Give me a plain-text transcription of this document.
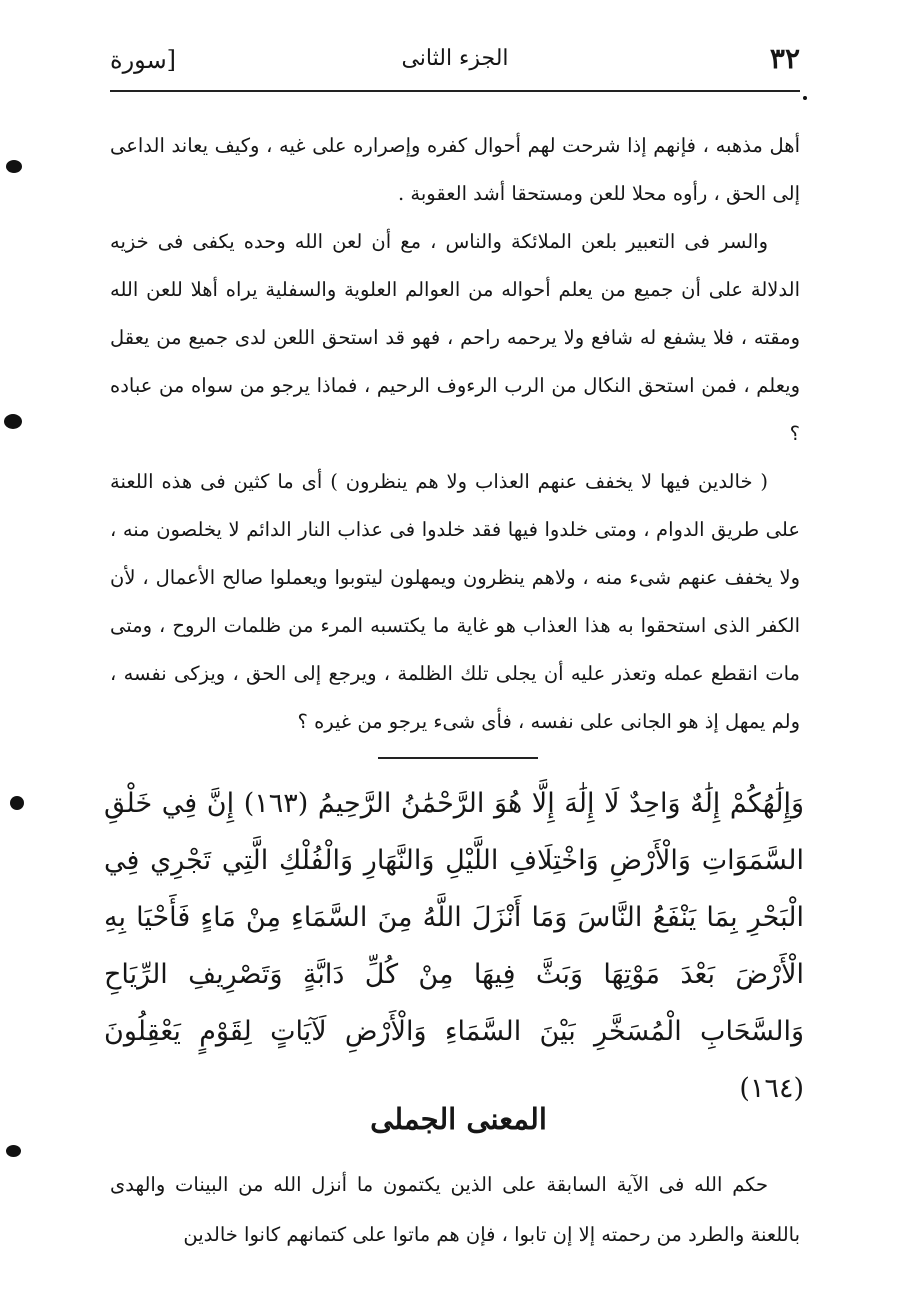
٣٢
الجزء الثانى
[سورة

أهل مذهبه ، فإنهم إذا شرحت لهم أحوال كفره وإصراره على غيه ، وكيف يعاند الداعى إلى الحق ، رأوه محلا للعن ومستحقا أشد العقوبة .

والسر فى التعبير بلعن الملائكة والناس ، مع أن لعن الله وحده يكفى فى خزيه الدلالة على أن جميع من يعلم أحواله من العوالم العلوية والسفلية يراه أهلا للعن الله ومقته ، فلا يشفع له شافع ولا يرحمه راحم ، فهو قد استحق اللعن لدى جميع من يعقل ويعلم ، فمن استحق النكال من الرب الرءوف الرحيم ، فماذا يرجو من سواه من عباده ؟

( خالدين فيها لا يخفف عنهم العذاب ولا هم ينظرون ) أى ما كثين فى هذه اللعنة على طريق الدوام ، ومتى خلدوا فيها فقد خلدوا فى عذاب النار الدائم لا يخلصون منه ، ولا يخفف عنهم شىء منه ، ولاهم ينظرون ويمهلون ليتوبوا ويعملوا صالح الأعمال ، لأن الكفر الذى استحقوا به هذا العذاب هو غاية ما يكتسبه المرء من ظلمات الروح ، ومتى مات انقطع عمله وتعذر عليه أن يجلى تلك الظلمة ، ويرجع إلى الحق ، ويزكى نفسه ، ولم يمهل إذ هو الجانى على نفسه ، فأى شىء يرجو من غيره ؟

وَإِلَٰهُكُمْ إِلَٰهٌ وَاحِدٌ لَا إِلَٰهَ إِلَّا هُوَ الرَّحْمَٰنُ الرَّحِيمُ (١٦٣) إِنَّ فِي خَلْقِ السَّمَوَاتِ وَالْأَرْضِ وَاخْتِلَافِ اللَّيْلِ وَالنَّهَارِ وَالْفُلْكِ الَّتِي تَجْرِي فِي الْبَحْرِ بِمَا يَنْفَعُ النَّاسَ وَمَا أَنْزَلَ اللَّهُ مِنَ السَّمَاءِ مِنْ مَاءٍ فَأَحْيَا بِهِ الْأَرْضَ بَعْدَ مَوْتِهَا وَبَثَّ فِيهَا مِنْ كُلِّ دَابَّةٍ وَتَصْرِيفِ الرِّيَاحِ وَالسَّحَابِ الْمُسَخَّرِ بَيْنَ السَّمَاءِ وَالْأَرْضِ لَآيَاتٍ لِقَوْمٍ يَعْقِلُونَ (١٦٤)

المعنى الجملى

حكم الله فى الآية السابقة على الذين يكتمون ما أنزل الله من البينات والهدى باللعنة والطرد من رحمته إلا إن تابوا ، فإن هم ماتوا على كتمانهم كانوا خالدين
